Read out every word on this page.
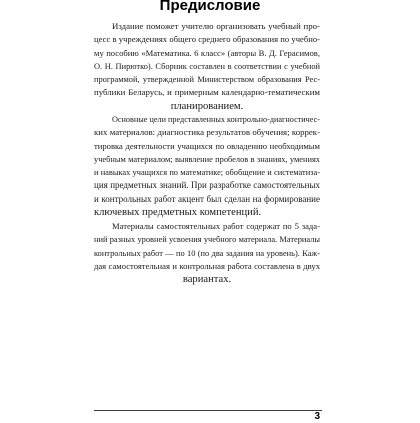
Предисловие
Издание поможет учителю организовать учебный про-
цесс в учреждениях общего среднего образования по учебно-
му пособию «Математика. 6 класс» (авторы В. Д. Герасимов,
О. Н. Пирютко). Сборник составлен в соответствии с учебной
программой, утвержденной Министерством образования Рес-
публики Беларусь, и примерным календарно-тематическим
планированием.
Основные цели представленных контрольно-диагностичес-
ких материалов: диагностика результатов обучения; коррек-
тировка деятельности учащихся по овладению необходимым
учебным материалом; выявление пробелов в знаниях, умениях
и навыках учащихся по математике; обобщение и систематиза-
ция предметных знаний. При разработке самостоятельных
и контрольных работ акцент был сделан на формирование
ключевых предметных компетенций.
Материалы самостоятельных работ содержат по 5 зада-
ний разных уровней усвоения учебного материала. Материалы
контрольных работ — по 10 (по два задания на уровень). Каж-
дая самостоятельная и контрольная работа составлена в двух
вариантах.
3
